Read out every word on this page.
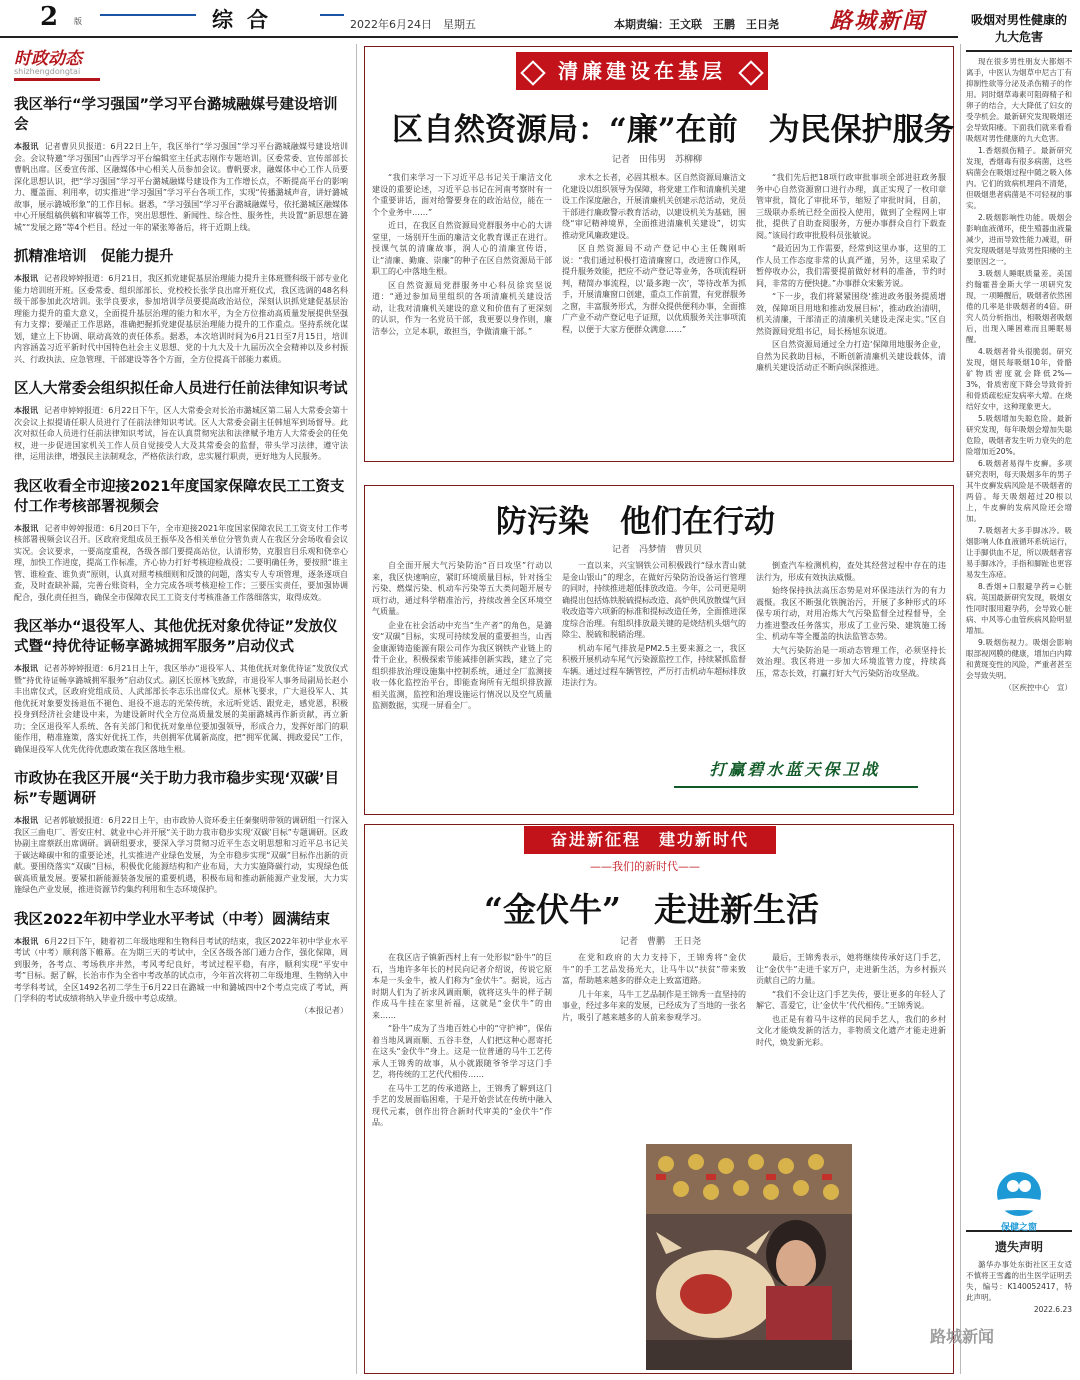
2 版	综合	2022年6月24日　星期五	本期责编：王文联　王鹏　王日尧 路城新闻
时政动态
shizhengdongtai
我区举行“学习强国”学习平台潞城融媒号建设培训会

本报讯 记者曹贝贝报道：6月22日上午，我区举行“学习强国”学习平台潞城融媒号建设培训会。会议特邀“学习强国”山西学习平台编辑室主任武志刚作专题培训。区委常委、宣传部部长曹帆出席。区委宣传部、区融媒体中心相关人员参加会议。曹帆要求，融媒体中心工作人员要深化思想认识，把“学习强国”学习平台潞城融媒号建设作为工作增长点，不断提高平台的影响力、覆盖面、利用率，切实推进“学习强国”学习平台各项工作，实现“传播潞城声音，讲好潞城故事，展示潞城形象”的工作目标。据悉，“学习强国”学习平台潞城融媒号，依托潞城区融媒体中心开展组稿供稿和审稿等工作，突出思想性、新闻性、综合性、服务性，共设置“新思想在潞城”“发展之路”等4个栏目。经过一年的紧张筹备后，将于近期上线。

抓精准培训　促能力提升

本报讯 记者段婷婷报道：6月21日，我区抓党建促基层治理能力提升主体班暨科级干部专业化能力培训班开班。区委常委、组织部部长、党校校长张学良出席开班仪式，我区选调的48名科级干部参加此次培训。张学良要求，参加培训学员要提高政治站位，深刻认识抓党建促基层治理能力提升的重大意义，全面提升基层治理的能力和水平，为全方位推动高质量发展提供坚强有力支撑；要端正工作思路，准确把握抓党建促基层治理能力提升的工作重点。坚持系统化谋划，建立上下协调、联动高效的责任体系。据悉，本次培训时间为6月21日至7月15日，培训内容涵盖习近平新时代中国特色社会主义思想、党的十九大及十九届历次全会精神以及乡村振兴、行政执法、应急管理、干部建设等各个方面，全方位提高干部能力素质。

区人大常委会组织拟任命人员进行任前法律知识考试

本报讯 记者申婷婷报道：6月22日下午，区人大常委会对长治市潞城区第二届人大常委会第十次会议上拟提请任职人员进行了任前法律知识考试。区人大常委会副主任韩旭军到场督导。此次对拟任命人员进行任前法律知识考试，旨在认真贯彻宪法和法律赋予地方人大常委会的任免权，进一步促进国家机关工作人员自觉接受人大及其常委会的监督，带头学习法律，遵守法律，运用法律，增强民主法制观念，严格依法行政，忠实履行职责，更好地为人民服务。

我区收看全市迎接2021年度国家保障农民工工资支付工作考核部署视频会

本报讯 记者申婷婷报道：6月20日下午，全市迎接2021年度国家保障农民工工资支付工作考核部署视频会议召开。区政府党组成员王振华及各相关单位分管负责人在我区分会场收看会议实况。会议要求，一要高度重视，各级各部门要提高站位，认清形势，克服盲目乐观和侥幸心理，加快工作进度，提高工作标准，齐心协力打好考核迎检战役；二要明确任务，要按照“谁主管、谁检查、谁负责”原则，认真对照考核细则和反馈的问题，落实专人专项管理，逐条逐项自查，及时查缺补漏，完善台账资料，全力完成各项考核迎检工作；三要压实责任，要加强协调配合，强化责任担当，确保全市保障农民工工资支付考核准备工作落细落实，取得成效。

我区举办“退役军人、其他优抚对象优待证”发放仪式暨“持优待证畅享潞城拥军服务”启动仪式

本报讯 记者苏婷婷报道：6月21日上午，我区举办“退役军人、其他优抚对象优待证”发放仪式暨“持优待证畅享潞城拥军服务”启动仪式。副区长原林飞致辞，市退役军人事务局副局长赵小丰出席仪式，区政府党组成员、人武部部长李志乐出席仪式。原林飞要求，广大退役军人、其他优抚对象要发扬退伍不褪色、退役不退志的光荣传统，永远听党话、跟党走，感党恩，积极投身到经济社会建设中来，为建设新时代全方位高质量发展的美丽潞城再作新贡献，再立新功；全区退役军人系统、各有关部门和优抚对象单位要加强领导，形成合力，发挥好部门的职能作用，精准施策，落实好优抚工作，共创拥军优属新高度，把“拥军优属、拥政爱民”工作，确保退役军人优先优待优惠政策在我区落地生根。

市政协在我区开展“关于助力我市稳步实现‘双碳’目标”专题调研

本报讯 记者郭敏媛报道：6月22日上午，由市政协人资环委主任秦聚明带领的调研组一行深入我区三曲电厂、晋安庄村、就业中心并开展“关于助力我市稳步实现‘双碳’目标”专题调研。区政协副主席蔡跃出席调研。调研组要求，要深入学习贯彻习近平生态文明思想和习近平总书记关于碳达峰碳中和的重要论述，扎实推进产业绿色发展，为全市稳步实现“双碳”目标作出新的贡献。要围绕落实“双碳”目标，积极优化能源结构和产业布局，大力实施降碳行动，实现绿色低碳高质量发展。要紧扣新能源装备发展的重要机遇，积极布局和推动新能源产业发展，大力实施绿色产业发展，推进资源节约集约利用和生态环境保护。

我区2022年初中学业水平考试（中考）圆满结束

本报讯 6月22日下午，随着初二年级地理和生物科目考试的结束，我区2022年初中学业水平考试（中考）顺利落下帷幕。在为期三天的考试中，全区各级各部门通力合作，强化保障，周到服务，各考点、考场秩序井然，考风考纪良好，考试过程平稳，有序，顺利实现“平安中考”目标。据了解，长治市作为全省中考改革的试点市，今年首次将初二年级地理、生物纳入中考学科考试，全区1492名初二学生于6月22日在潞城一中和潞城四中2个考点完成了考试，两门学科的考试成绩将纳入毕业升级中考总成绩。

（本报记者）
清廉建设在基层
区自然资源局：“廉”在前　为民保护服务
记者　田伟男　苏柳柳

“我们来学习一下习近平总书记关于廉洁文化建设的重要论述，习近平总书记在河南考察时有一个重要讲话，面对给警要身在的政治站位，能在一个个业务中……”

近日，在我区自然资源局党群服务中心的大讲堂里，一场别开生面的廉洁文化教育课正在进行。授课气氛的清廉故事，润人心的清廉宣传语，让“清廉、勤廉、崇廉”的种子在区自然资源局干部职工的心中落地生根。

区自然资源局党群服务中心科员徐宾坚说道：“通过参加局里组织的各项清廉机关建设活动，让我对清廉机关建设的意义和价值有了更深刻的认识，作为一名党员干部，我更要以身作则，廉洁奉公，立足本职，敢担当，争做清廉干部。”

求木之长者，必固其根本。区自然资源局廉洁文化建设以组织领导为保障，将党建工作和清廉机关建设工作深度融合，开展清廉机关创建示范活动，党员干部进行廉政警示教育活动，以建设机关为基础，围绕“审记精神境界，全面推进清廉机关建设”，切实推动党风廉政建设。

区自然资源局不动产登记中心主任魏刚昕说：“我们通过积极打造清廉窗口，改进窗口作风，提升服务效能，把应不动产登记等业务，各项流程研判，精简办事流程，以‘最多跑一次’，等待改革为抓手，开展清廉窗口创建，重点工作前置，有党群服务之窗，丰富服务形式，为群众提供便利办事，全面推广产业不动产登记电子证照，以优质服务关注事项流程，以便于大家方便群众满意……”

“我们先后把18项行政审批事项全部进驻政务服务中心自然资源窗口进行办理，真正实现了一枚印章管审批，简化了审批环节，缩短了审批时间，目前，三级联办系统已经全面投入使用，做到了全程网上审批，提供了自助查阅服务，方便办事群众自行下载查阅。”该局行政审批股科员张敏说。

“最近因为工作需要，经常到这里办事，这里的工作人员工作态度非常的认真严谨，另外，这里采取了暂停收办公，我们需要提前做好材料的准备，节约时间，非常的方便快捷。”办事群众宋紫芳说。

“下一步，我们将紧紧围绕‘推进政务服务提质增效，保障项目用地和推动发展目标’，推动政治清明，机关清廉，干部清正的清廉机关建设走深走实。”区自然资源局党组书记，局长杨旭东说道。

区自然资源局通过全力打造‘保障用地服务企业，自然为民救助目标，不断创新清廉机关建设载体，清廉机关建设活动正不断向纵深推进。

防污染　他们在行动
记者　冯梦情　曹贝贝

自全面开展大气污染防治“百日攻坚”行动以来，我区快速响应，紧盯环境质量目标，针对扬尘污染、燃煤污染、机动车污染等五大类问题开展专项行动，通过科学精准治污，持续改善全区环境空气质量。

企业在社会活动中充当“生产者”的角色，是潞安“双碳”目标，实现可持续发展的重要担当，山西金康源铸造能源有限公司作为我区钢铁产业链上的骨干企业，积极探索节能减排创新实践，建立了完组织排放治理设施集中控制系统，通过全厂监测接收一体化监控治平台，即能查询所有无组织排放源相关监测，监控和治理设施运行情况以及空气质量监测数据，实现一屏看全厂。

一直以来，兴宝钢铁公司积极践行“绿水青山就是金山银山”的理念，在做好污染防治设备运行管理的同时，持续推进超低排放改造。今年，公司更是明确提出包括炼铁脱硫提标改造、高炉供风放散煤气回收改造等六项新的标准和提标改造任务，全面推进深度综合治理。有组织排放最关键的是烧结机头烟气的除尘、脱硫和脱硝治理。

机动车尾气排放是PM2.5主要来源之一，我区积极开展机动车尾气污染源监控工作，持续紧抓监督车辆。通过过程车辆管控，严厉打击机动车超标排放违法行为。

倒查汽车检测机构，查处其经营过程中存在的违法行为，形成有效执法威慑。

始终保持执法高压态势是对环保违法行为的有力震慑。我区不断强化铁腕治污，开展了多种形式的环保专项行动，对用冶炼大气污染监督全过程督导，全力推进整改任务落实，形成了工业污染、建筑施工扬尘、机动车等全覆盖的执法监管态势。

大气污染防治是一项动态管理工作，必须坚持长效治理。我区将进一步加大环境监管力度，持续高压，常态长效，打赢打好大气污染防治攻坚战。

打赢碧水蓝天保卫战
奋进新征程　建功新时代
——我们的新时代——
“金伏牛”　走进新生活
记者　曹鹏　王日尧

在我区店子镇新西村上有一处形似“卧牛”的巨石，当地许多年长的村民向记者介绍说，传说它原本是一头金牛，被人们称为“金伏牛”。据说，远古时期人们为了祈求风调雨顺，就将这头牛的样子制作成马牛挂在家里祈福，这就是“金伏牛”的由来……

“卧牛”成为了当地百姓心中的“守护神”，保佑着当地风调雨顺、五谷丰登，人们把这种心愿寄托在这头“金伏牛”身上。这是一位普通的马牛工艺传承人王锦秀的故事，从小就跟随爷爷学习这门手艺，将传统的工艺代代相传……

在马牛工艺的传承道路上，王锦秀了解到这门手艺的发展面临困难，于是开始尝试在传统中融入现代元素，创作出符合新时代审美的“金伏牛”作品。

在党和政府的大力支持下，王锦秀将“金伏牛”的手工艺品发扬光大，让马牛以“扶贫”带来致富，帮助越来越多的群众走上致富道路。

几十年来，马牛工艺品制作是王锦秀一直坚持的事业，经过多年来的发展，已经成为了当地的一张名片，吸引了越来越多的人前来参观学习。

最后，王锦秀表示，她将继续传承好这门手艺，让“金伏牛”走进千家万户，走进新生活，为乡村振兴贡献自己的力量。

“我们不会让这门手艺失传，要让更多的年轻人了解它、喜爱它，让‘金伏牛’代代相传。”王锦秀说。

也正是有着马牛这样的民间手艺人，我们的乡村文化才能焕发新的活力，非物质文化遗产才能走进新时代，焕发新光彩。

吸烟对男性健康的九大危害

现在很多男性朋友大都烟不离手，中医认为烟草中尼古丁有抑制性欲等分泌及杀伤精子的作用。同时烟草毒素可阻碍精子和卵子的结合，大大降低了妇女的受孕机会。最新研究发现吸烟还会导致阳痿。下面我们就来看看吸烟对男性健康的九大危害。

1.香烟损伤精子。最新研究发现，香烟毒有很多病菌，这些病菌会在吸烟过程中随之吸入体内。它们的致病机理尚不清楚，但吸烟患者病菌是不可轻视的事实。

2.吸烟影响性功能。吸烟会影响血液循环，使生殖器血液量减少，进而导致性能力减退，研究发现吸烟是导致男性阳痿的主要原因之一。

3.吸烟人睡眠质量差。美国约翰霍普金斯大学一项研究发现，一项睡醒后，吸烟者依然困倦的几率是非吸烟者的4倍。研究人员分析指出，相吸烟者吸烟后，出现入睡困难而且睡眠易醒。

4.吸烟者骨头很脆弱。研究发现，烟民每吸烟10年，骨骼矿物质密度就会降低2%—3%，骨质密度下降会导致骨折和骨质疏松症发病率大增。在烧结好女中，这种现象更大。

5.吸烟增加失聪危险。最新研究发现，每年吸烟会增加失聪危险，吸烟者发生听力衰失的危险增加近20%。

6.吸烟者易得牛皮癣。多项研究表明，每天吸烟多年的男子其牛皮癣发病风险是不吸烟者的两倍。每天吸烟超过20根以上，牛皮癣的发病风险还会增加。

7.吸烟者大多手脚冰冷。吸烟影响人体血液循环系统运行，让手脚供血不足，所以吸烟者容易手脚冰冷，手指和脚趾也更容易发生冻疮。

8.香烟+口服避孕药=心脏病。英国最新研究发现，吸烟女性同时服用避孕药，会导致心脏病、中风等心血管疾病风险明显增加。

9.吸烟伤视力。吸烟会影响眼部视网膜的健康，增加白内障和黄斑变性的风险，严重者甚至会导致失明。

（区疾控中心　宣）

保健之窗
遗失声明

潞华办事处东街社区王女适不慎将王雪鑫的出生医学证明丢失，编号：K140052417，特此声明。

2022.6.23

路城新闻
